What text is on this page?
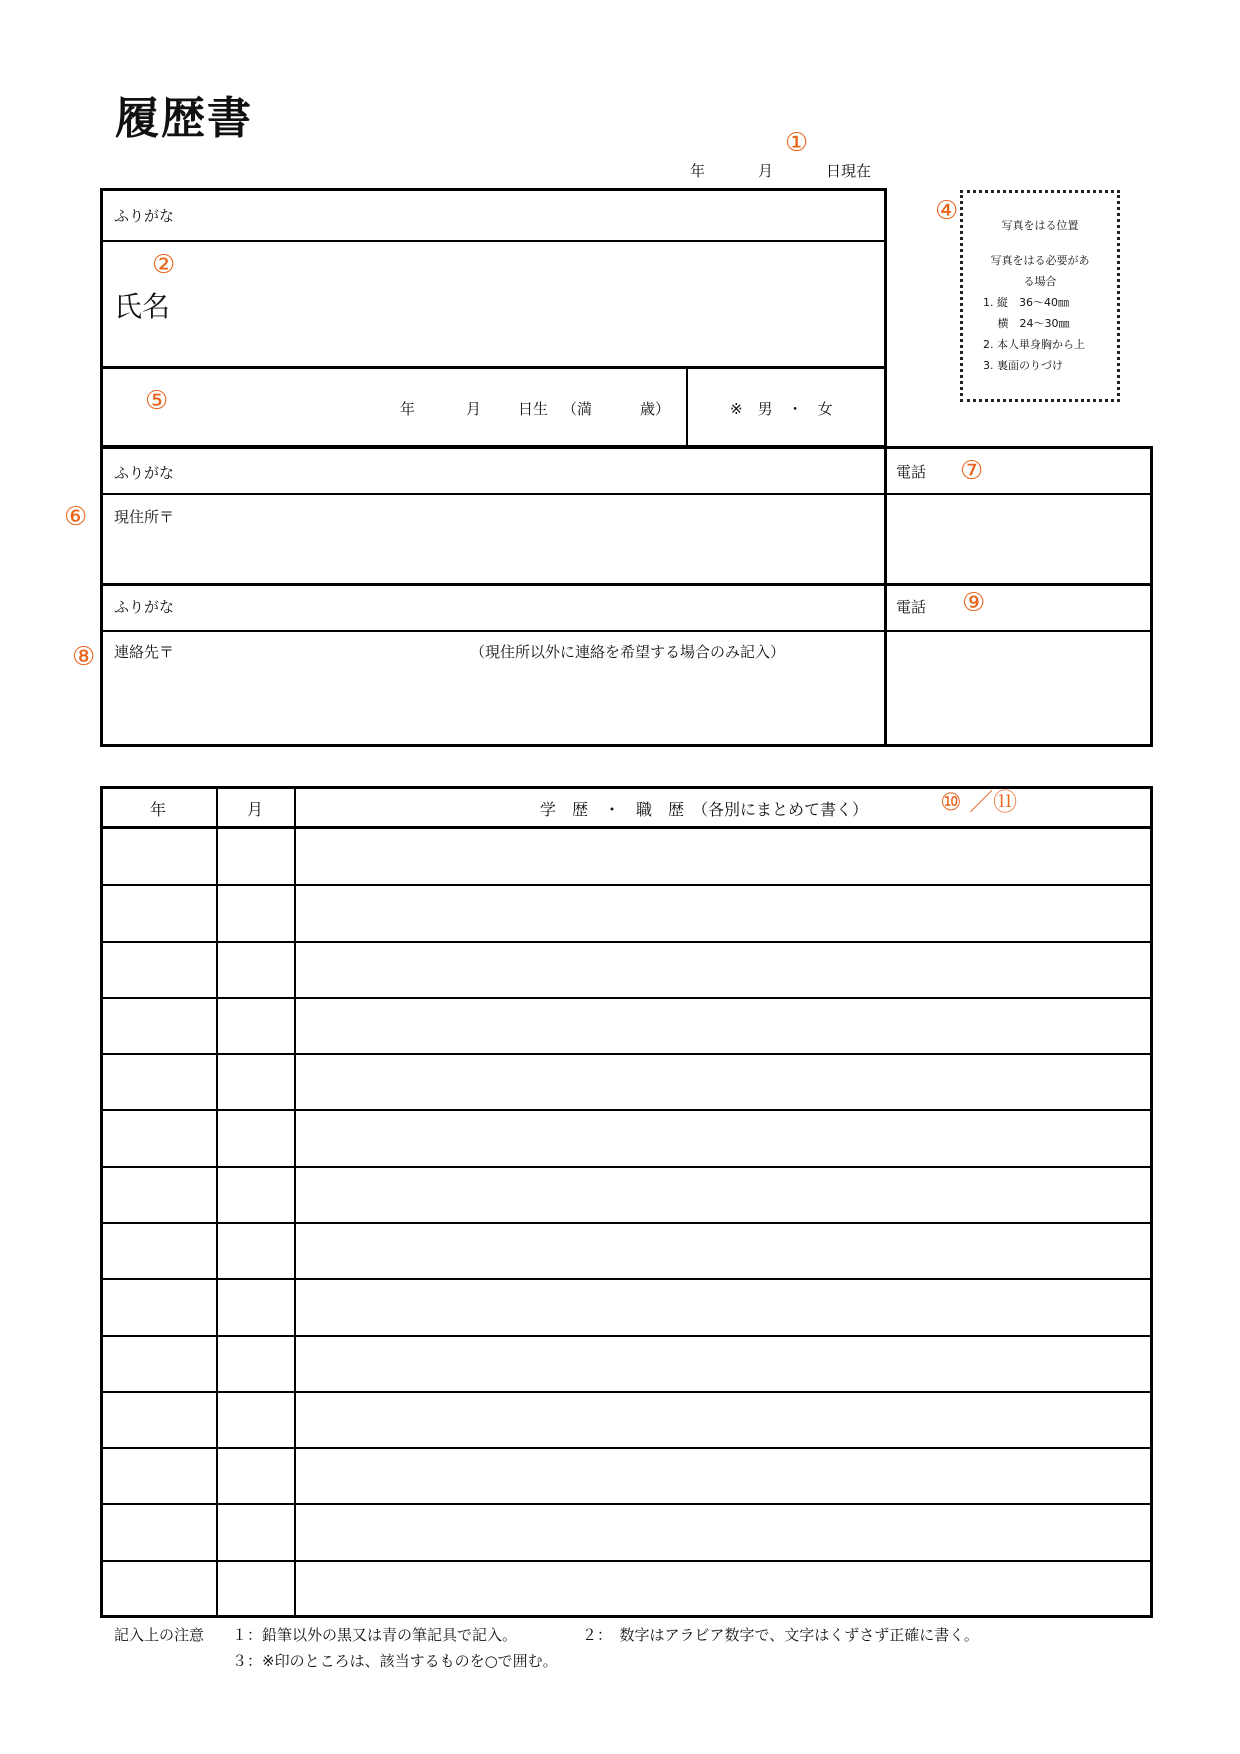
履歴書
年	月	日現在
①
ふりがな
②
氏名
⑤	年	月 日生 （満	歳）	※　男　・　女
④	写真をはる位置
写真をはる必要があ
る場合
1. 縦　36～40㎜
　 横　24～30㎜
2. 本人単身胸から上
3. 裏面のりづけ
ふりがな
現住所〒
⑥
電話 ⑦
ふりがな
連絡先〒	（現住所以外に連絡を希望する場合のみ記入）
⑧
電話 ⑨
年	月	学　歴　・　職　歴　（各別にまとめて書く）	⑩ ／⑪
記入上の注意 １：鉛筆以外の黒又は青の筆記具で記入。	２：　数字はアラビア数字で、文字はくずさず正確に書く。
３：※印のところは、該当するものを○で囲む。
